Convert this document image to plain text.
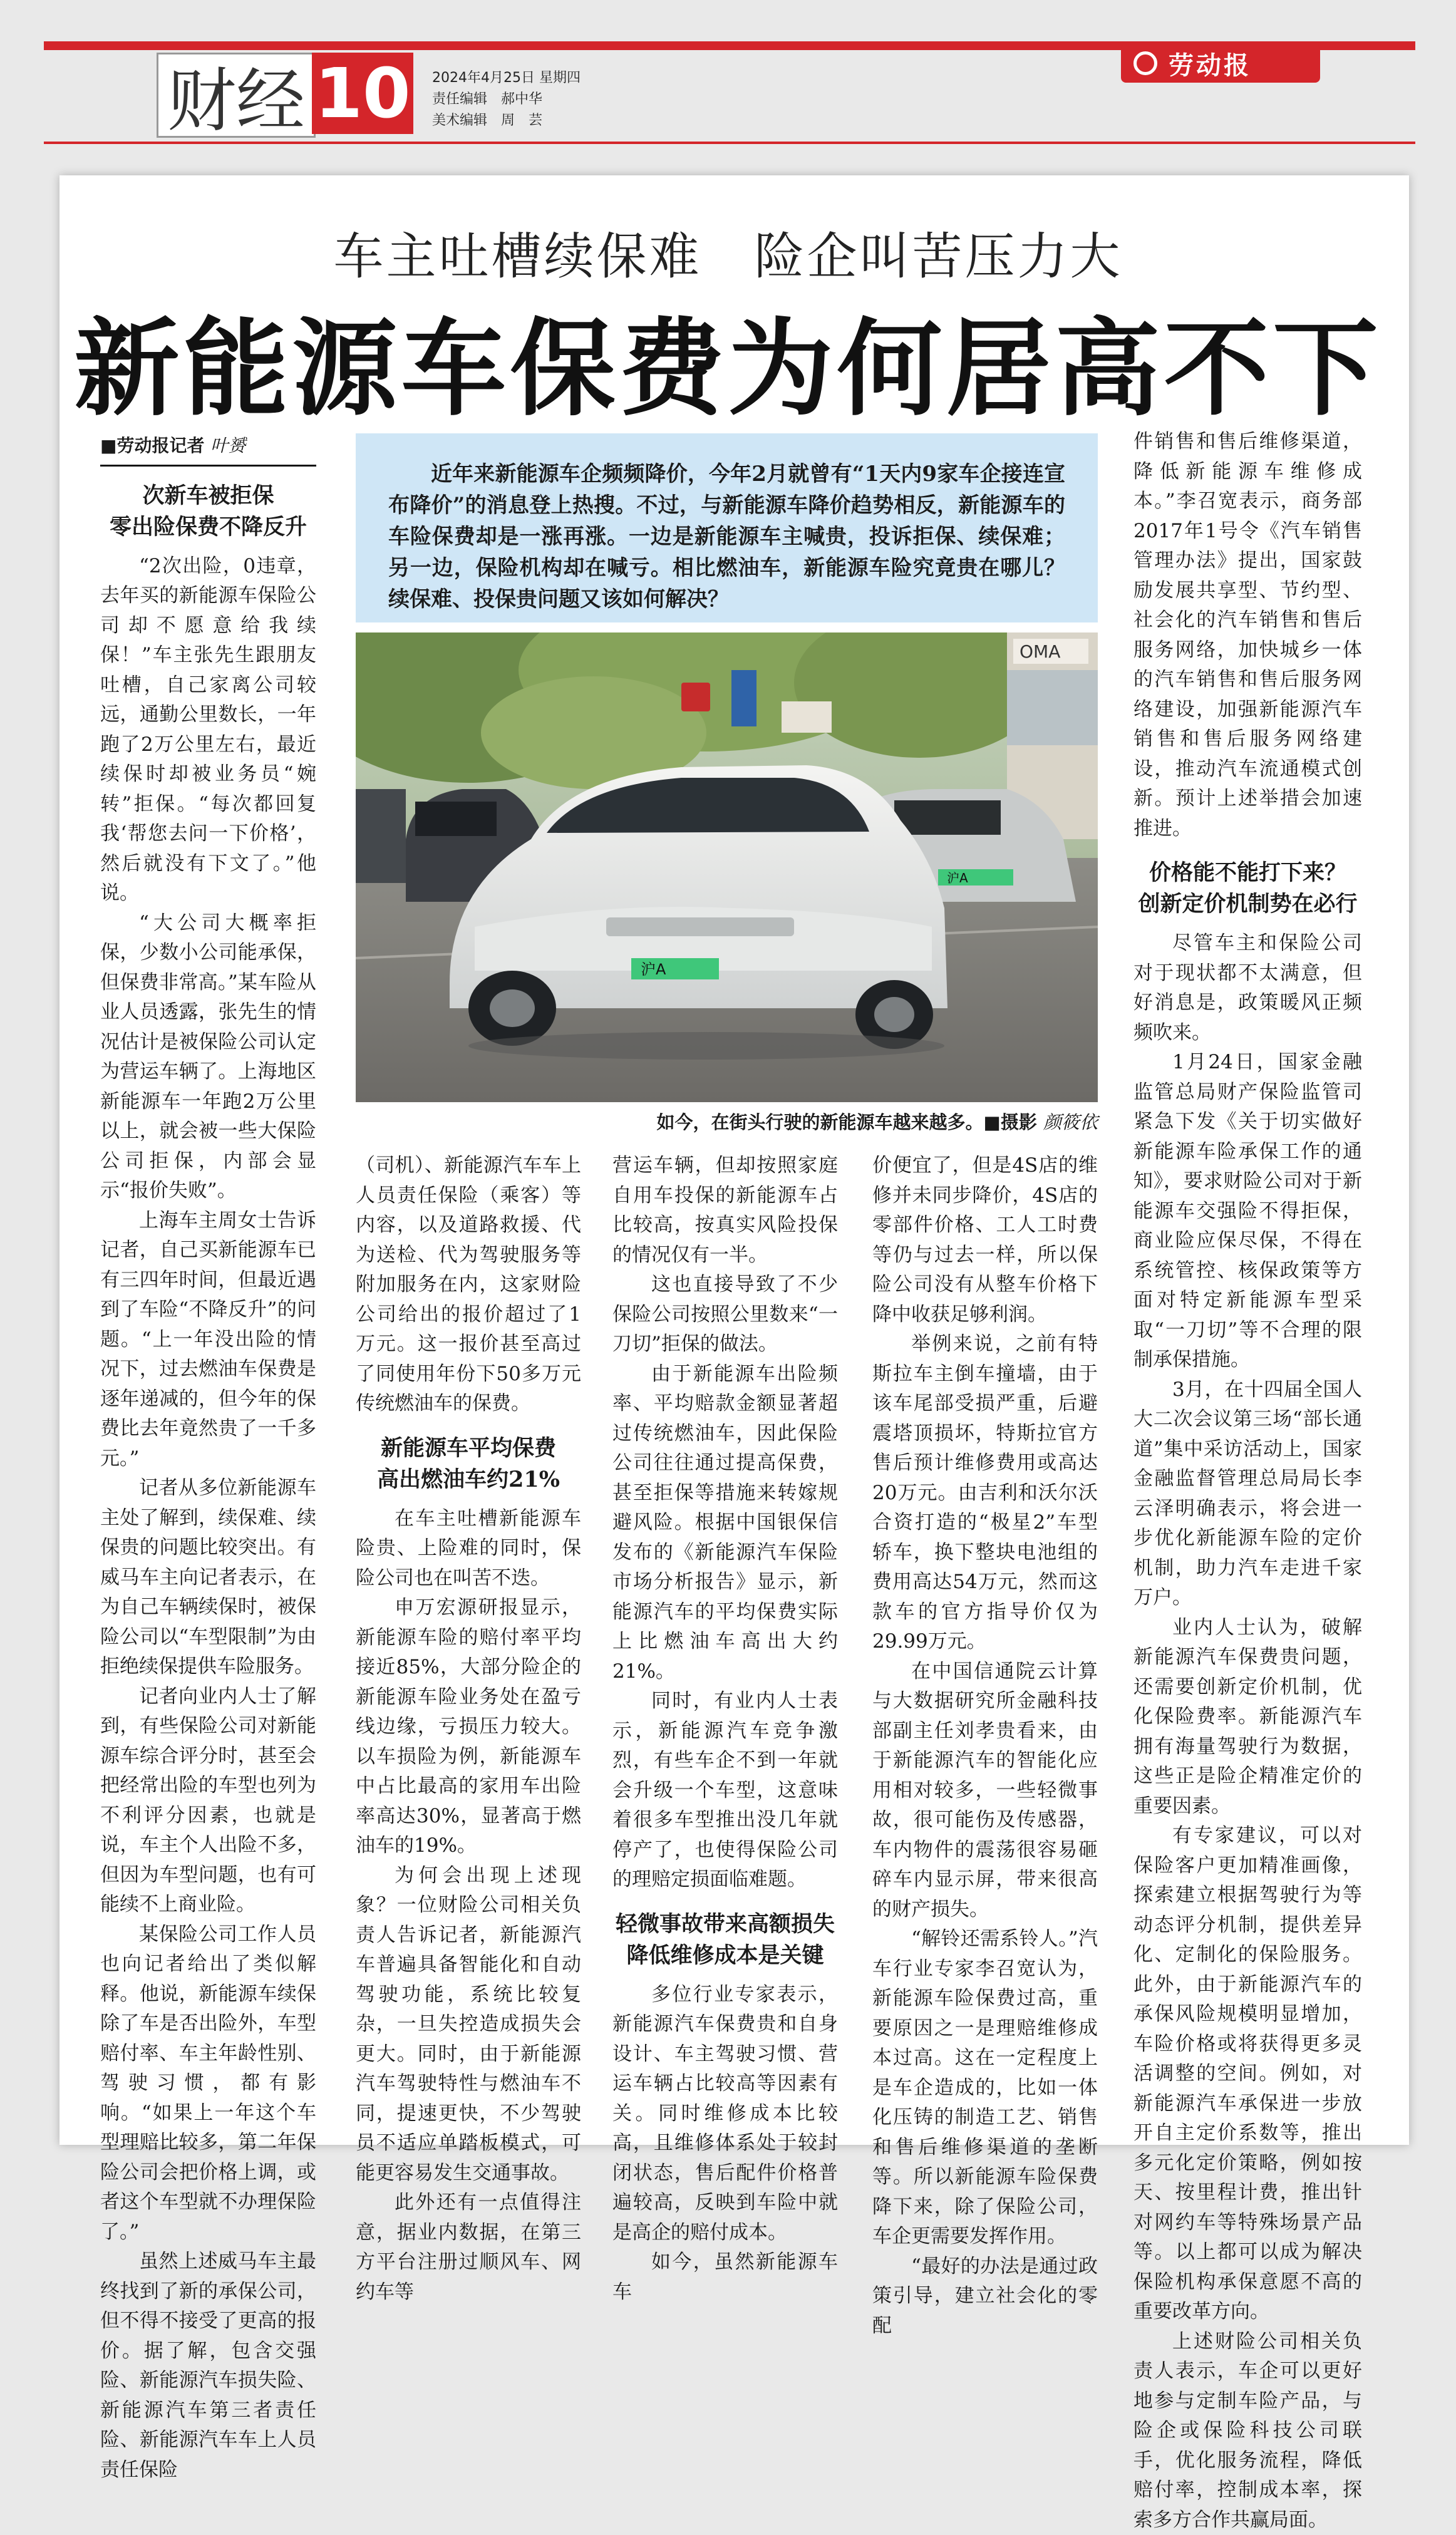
财经 10 2024年4月25日 星期四
责任编辑　郝中华
美术编辑　周　芸
劳动报
车主吐槽续保难　险企叫苦压力大
新能源车保费为何居高不下
■劳动报记者 叶赟
次新车被拒保
零出险保费不降反升

“2次出险，0违章，去年买的新能源车保险公司却不愿意给我续保！”车主张先生跟朋友吐槽，自己家离公司较远，通勤公里数长，一年跑了2万公里左右，最近续保时却被业务员“婉转”拒保。“每次都回复我‘帮您去问一下价格’，然后就没有下文了。”他说。

“大公司大概率拒保，少数小公司能承保，但保费非常高。”某车险从业人员透露，张先生的情况估计是被保险公司认定为营运车辆了。上海地区新能源车一年跑2万公里以上，就会被一些大保险公司拒保，内部会显示“报价失败”。

上海车主周女士告诉记者，自己买新能源车已有三四年时间，但最近遇到了车险“不降反升”的问题。“上一年没出险的情况下，过去燃油车保费是逐年递减的，但今年的保费比去年竟然贵了一千多元。”

记者从多位新能源车主处了解到，续保难、续保贵的问题比较突出。有威马车主向记者表示，在为自己车辆续保时，被保险公司以“车型限制”为由拒绝续保提供车险服务。

记者向业内人士了解到，有些保险公司对新能源车综合评分时，甚至会把经常出险的车型也列为不利评分因素，也就是说，车主个人出险不多，但因为车型问题，也有可能续不上商业险。

某保险公司工作人员也向记者给出了类似解释。他说，新能源车续保除了车是否出险外，车型赔付率、车主年龄性别、驾驶习惯，都有影响。“如果上一年这个车型理赔比较多，第二年保险公司会把价格上调，或者这个车型就不办理保险了。”

虽然上述威马车主最终找到了新的承保公司，但不得不接受了更高的报价。据了解，包含交强险、新能源汽车损失险、新能源汽车第三者责任险、新能源汽车车上人员责任保险

近年来新能源车企频频降价，今年2月就曾有“1天内9家车企接连宣布降价”的消息登上热搜。不过，与新能源车降价趋势相反，新能源车的车险保费却是一涨再涨。一边是新能源车主喊贵，投诉拒保、续保难；另一边，保险机构却在喊亏。相比燃油车，新能源车险究竟贵在哪儿？续保难、投保贵问题又该如何解决？
OMA
沪A
沪A
如今，在街头行驶的新能源车越来越多。■摄影 颜筱依

（司机）、新能源汽车车上人员责任保险（乘客）等内容，以及道路救援、代为送检、代为驾驶服务等附加服务在内，这家财险公司给出的报价超过了1万元。这一报价甚至高过了同使用年份下50多万元传统燃油车的保费。

新能源车平均保费
高出燃油车约21%

在车主吐槽新能源车险贵、上险难的同时，保险公司也在叫苦不迭。

申万宏源研报显示，新能源车险的赔付率平均接近85%，大部分险企的新能源车险业务处在盈亏线边缘，亏损压力较大。以车损险为例，新能源车中占比最高的家用车出险率高达30%，显著高于燃油车的19%。

为何会出现上述现象？一位财险公司相关负责人告诉记者，新能源汽车普遍具备智能化和自动驾驶功能，系统比较复杂，一旦失控造成损失会更大。同时，由于新能源汽车驾驶特性与燃油车不同，提速更快，不少驾驶员不适应单踏板模式，可能更容易发生交通事故。

此外还有一点值得注意，据业内数据，在第三方平台注册过顺风车、网约车等

营运车辆，但却按照家庭自用车投保的新能源车占比较高，按真实风险投保的情况仅有一半。

这也直接导致了不少保险公司按照公里数来“一刀切”拒保的做法。

由于新能源车出险频率、平均赔款金额显著超过传统燃油车，因此保险公司往往通过提高保费，甚至拒保等措施来转嫁规避风险。根据中国银保信发布的《新能源汽车保险市场分析报告》显示，新能源汽车的平均保费实际上比燃油车高出大约21%。

同时，有业内人士表示，新能源汽车竞争激烈，有些车企不到一年就会升级一个车型，这意味着很多车型推出没几年就停产了，也使得保险公司的理赔定损面临难题。

轻微事故带来高额损失
降低维修成本是关键

多位行业专家表示，新能源汽车保费贵和自身设计、车主驾驶习惯、营运车辆占比较高等因素有关。同时维修成本比较高，且维修体系处于较封闭状态，售后配件价格普遍较高，反映到车险中就是高企的赔付成本。

如今，虽然新能源车车

价便宜了，但是4S店的维修并未同步降价，4S店的零部件价格、工人工时费等仍与过去一样，所以保险公司没有从整车价格下降中收获足够利润。

举例来说，之前有特斯拉车主倒车撞墙，由于该车尾部受损严重，后避震塔顶损坏，特斯拉官方售后预计维修费用或高达20万元。由吉利和沃尔沃合资打造的“极星2”车型轿车，换下整块电池组的费用高达54万元，然而这款车的官方指导价仅为29.99万元。

在中国信通院云计算与大数据研究所金融科技部副主任刘孝贵看来，由于新能源汽车的智能化应用相对较多，一些轻微事故，很可能伤及传感器，车内物件的震荡很容易砸碎车内显示屏，带来很高的财产损失。

“解铃还需系铃人。”汽车行业专家李召宽认为，新能源车险保费过高，重要原因之一是理赔维修成本过高。这在一定程度上是车企造成的，比如一体化压铸的制造工艺、销售和售后维修渠道的垄断等。所以新能源车险保费降下来，除了保险公司，车企更需要发挥作用。

“最好的办法是通过政策引导，建立社会化的零配

件销售和售后维修渠道，降低新能源车维修成本。”李召宽表示，商务部2017年1号令《汽车销售管理办法》提出，国家鼓励发展共享型、节约型、社会化的汽车销售和售后服务网络，加快城乡一体的汽车销售和售后服务网络建设，加强新能源汽车销售和售后服务网络建设，推动汽车流通模式创新。预计上述举措会加速推进。

价格能不能打下来？
创新定价机制势在必行

尽管车主和保险公司对于现状都不太满意，但好消息是，政策暖风正频频吹来。

1月24日，国家金融监管总局财产保险监管司紧急下发《关于切实做好新能源车险承保工作的通知》，要求财险公司对于新能源车交强险不得拒保，商业险应保尽保，不得在系统管控、核保政策等方面对特定新能源车型采取“一刀切”等不合理的限制承保措施。

3月，在十四届全国人大二次会议第三场“部长通道”集中采访活动上，国家金融监督管理总局局长李云泽明确表示，将会进一步优化新能源车险的定价机制，助力汽车走进千家万户。

业内人士认为，破解新能源汽车保费贵问题，还需要创新定价机制，优化保险费率。新能源汽车拥有海量驾驶行为数据，这些正是险企精准定价的重要因素。

有专家建议，可以对保险客户更加精准画像，探索建立根据驾驶行为等动态评分机制，提供差异化、定制化的保险服务。此外，由于新能源汽车的承保风险规模明显增加，车险价格或将获得更多灵活调整的空间。例如，对新能源汽车承保进一步放开自主定价系数等，推出多元化定价策略，例如按天、按里程计费，推出针对网约车等特殊场景产品等。以上都可以成为解决保险机构承保意愿不高的重要改革方向。

上述财险公司相关负责人表示，车企可以更好地参与定制车险产品，与险企或保险科技公司联手，优化服务流程，降低赔付率，控制成本率，探索多方合作共赢局面。
